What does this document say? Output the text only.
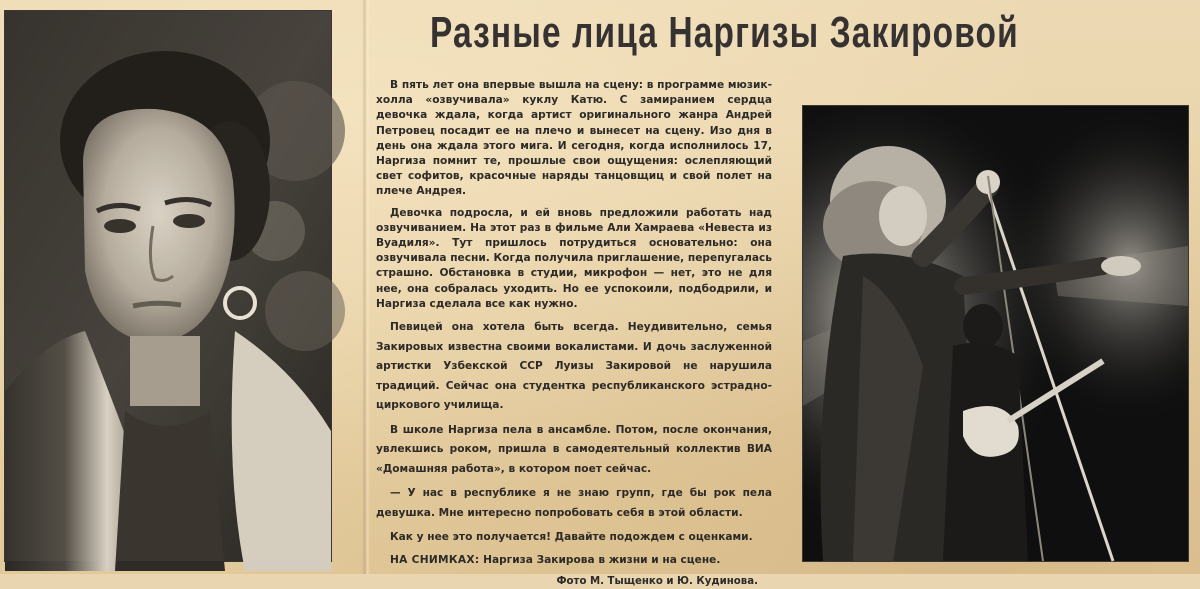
Разные лица Наргизы Закировой

В пять лет она впервые вышла на сцену: в программе мюзик-холла «озвучивала» куклу Катю. С замиранием сердца девочка ждала, когда артист оригинального жанра Андрей Петровец посадит ее на плечо и вынесет на сцену. Изо дня в день она ждала этого мига. И сегодня, когда исполнилось 17, Наргиза помнит те, прошлые свои ощущения: ослепляющий свет софитов, красочные наряды танцовщиц и свой полет на плече Андрея.

Девочка подросла, и ей вновь предложили работать над озвучиванием. На этот раз в фильме Али Хамраева «Невеста из Вуадиля». Тут пришлось потрудиться основательно: она озвучивала песни. Когда получила приглашение, перепугалась страшно. Обстановка в студии, микрофон — нет, это не для нее, она собралась уходить. Но ее успокоили, подбодрили, и Наргиза сделала все как нужно.

Певицей она хотела быть всегда. Неудивительно, семья Закировых известна своими вокалистами. И дочь заслуженной артистки Узбекской ССР Луизы Закировой не нарушила традиций. Сейчас она студентка республиканского эстрадно-циркового училища.

В школе Наргиза пела в ансамбле. Потом, после окончания, увлекшись роком, пришла в самодеятельный коллектив ВИА «Домашняя работа», в котором поет сейчас.

— У нас в республике я не знаю групп, где бы рок пела девушка. Мне интересно попробовать себя в этой области.

Как у нее это получается! Давайте подождем с оценками.

НА СНИМКАХ: Наргиза Закирова в жизни и на сцене.
Фото М. Тыщенко и Ю. Кудинова.
